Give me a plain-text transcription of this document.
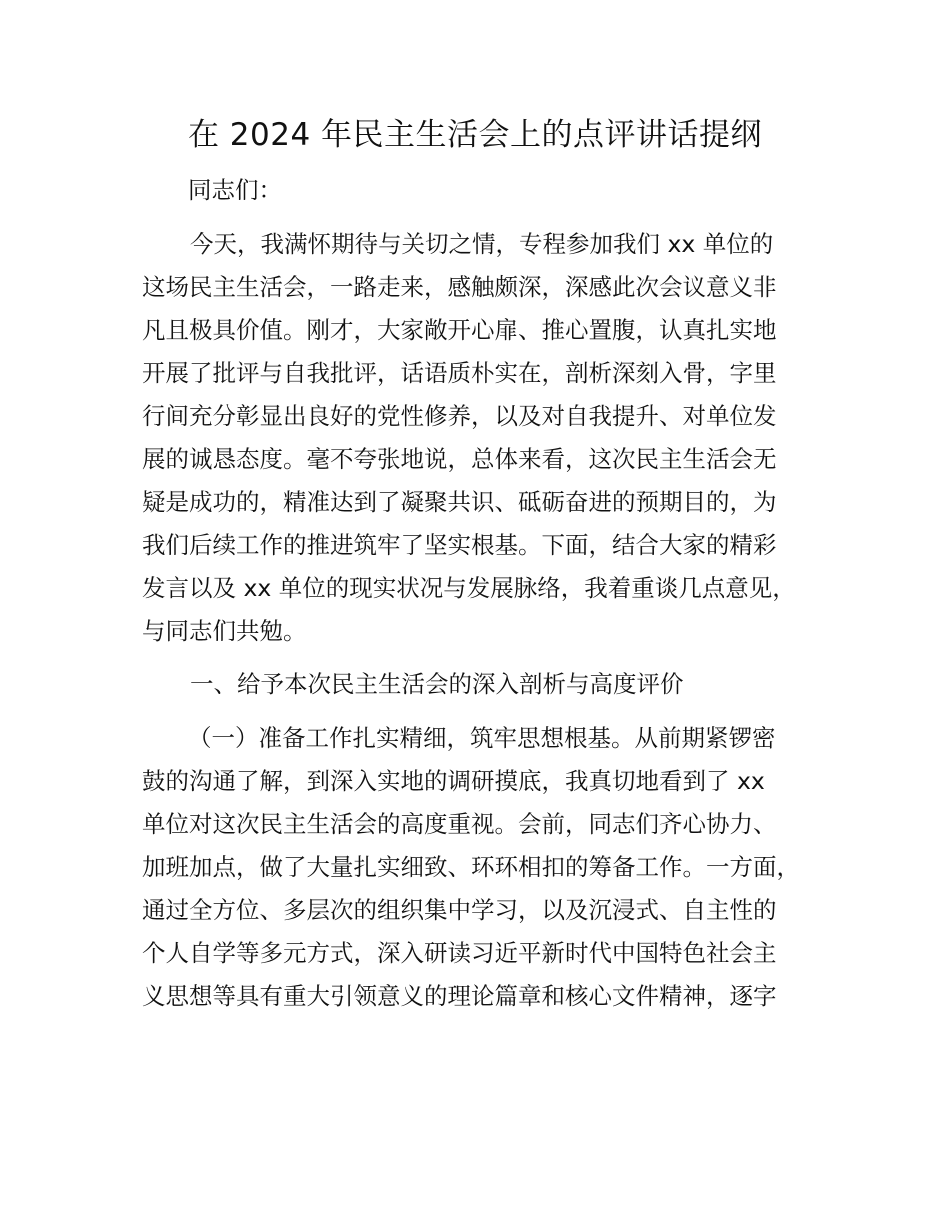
在 2024 年民主生活会上的点评讲话提纲

同志们：

今天，我满怀期待与关切之情，专程参加我们 xx 单位的

这场民主生活会，一路走来，感触颇深，深感此次会议意义非

凡且极具价值。刚才，大家敞开心扉、推心置腹，认真扎实地

开展了批评与自我批评，话语质朴实在，剖析深刻入骨，字里

行间充分彰显出良好的党性修养，以及对自我提升、对单位发

展的诚恳态度。毫不夸张地说，总体来看，这次民主生活会无

疑是成功的，精准达到了凝聚共识、砥砺奋进的预期目的，为

我们后续工作的推进筑牢了坚实根基。下面，结合大家的精彩

发言以及 xx 单位的现实状况与发展脉络，我着重谈几点意见，

与同志们共勉。

一、给予本次民主生活会的深入剖析与高度评价

（一）准备工作扎实精细，筑牢思想根基。从前期紧锣密

鼓的沟通了解，到深入实地的调研摸底，我真切地看到了 xx

单位对这次民主生活会的高度重视。会前，同志们齐心协力、

加班加点，做了大量扎实细致、环环相扣的筹备工作。一方面，

通过全方位、多层次的组织集中学习，以及沉浸式、自主性的

个人自学等多元方式，深入研读习近平新时代中国特色社会主

义思想等具有重大引领意义的理论篇章和核心文件精神，逐字
